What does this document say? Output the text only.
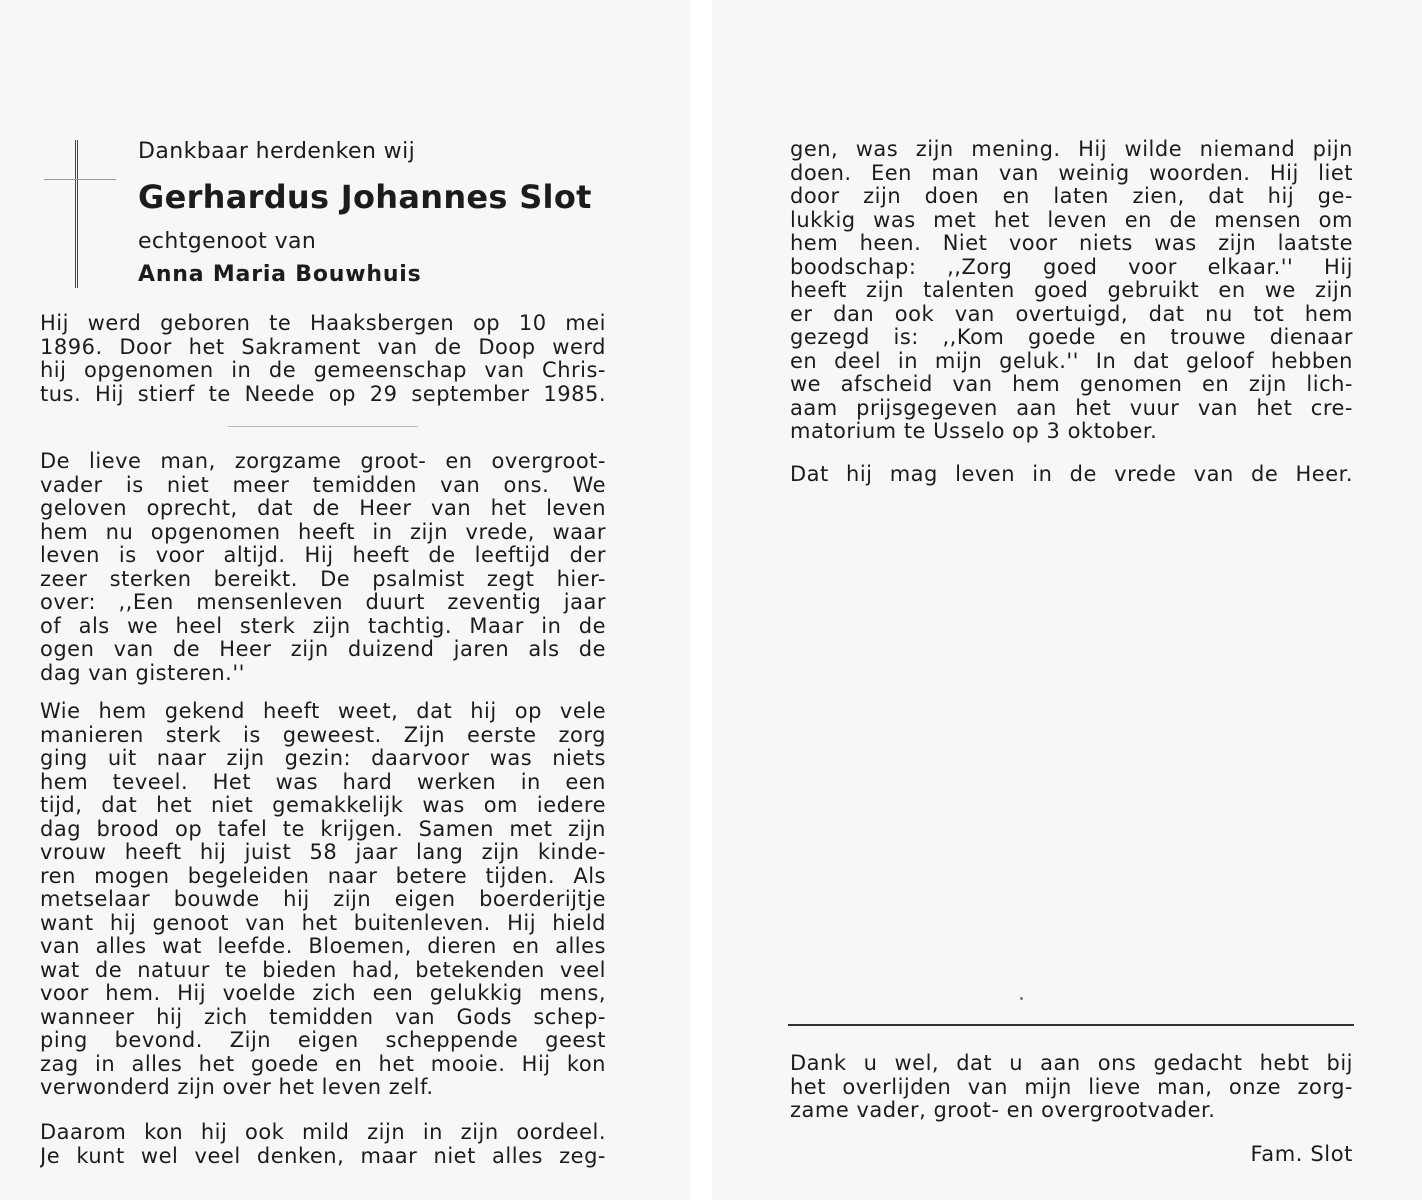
Dankbaar herdenken wij
Gerhardus Johannes Slot
echtgenoot van
Anna Maria Bouwhuis
Hij werd geboren te Haaksbergen op 10 mei
1896. Door het Sakrament van de Doop werd
hij opgenomen in de gemeenschap van Chris-
tus. Hij stierf te Neede op 29 september 1985.
De lieve man, zorgzame groot- en overgroot-
vader is niet meer temidden van ons. We
geloven oprecht, dat de Heer van het leven
hem nu opgenomen heeft in zijn vrede, waar
leven is voor altijd. Hij heeft de leeftijd der
zeer sterken bereikt. De psalmist zegt hier-
over: ,,Een mensenleven duurt zeventig jaar
of als we heel sterk zijn tachtig. Maar in de
ogen van de Heer zijn duizend jaren als de
dag van gisteren.''
Wie hem gekend heeft weet, dat hij op vele
manieren sterk is geweest. Zijn eerste zorg
ging uit naar zijn gezin: daarvoor was niets
hem teveel. Het was hard werken in een
tijd, dat het niet gemakkelijk was om iedere
dag brood op tafel te krijgen. Samen met zijn
vrouw heeft hij juist 58 jaar lang zijn kinde-
ren mogen begeleiden naar betere tijden. Als
metselaar bouwde hij zijn eigen boerderijtje
want hij genoot van het buitenleven. Hij hield
van alles wat leefde. Bloemen, dieren en alles
wat de natuur te bieden had, betekenden veel
voor hem. Hij voelde zich een gelukkig mens,
wanneer hij zich temidden van Gods schep-
ping bevond. Zijn eigen scheppende geest
zag in alles het goede en het mooie. Hij kon
verwonderd zijn over het leven zelf.
Daarom kon hij ook mild zijn in zijn oordeel.
Je kunt wel veel denken, maar niet alles zeg-
gen, was zijn mening. Hij wilde niemand pijn
doen. Een man van weinig woorden. Hij liet
door zijn doen en laten zien, dat hij ge-
lukkig was met het leven en de mensen om
hem heen. Niet voor niets was zijn laatste
boodschap: ,,Zorg goed voor elkaar.'' Hij
heeft zijn talenten goed gebruikt en we zijn
er dan ook van overtuigd, dat nu tot hem
gezegd is: ,,Kom goede en trouwe dienaar
en deel in mijn geluk.'' In dat geloof hebben
we afscheid van hem genomen en zijn lich-
aam prijsgegeven aan het vuur van het cre-
matorium te Usselo op 3 oktober.
Dat hij mag leven in de vrede van de Heer.
Dank u wel, dat u aan ons gedacht hebt bij
het overlijden van mijn lieve man, onze zorg-
zame vader, groot- en overgrootvader.
Fam. Slot
